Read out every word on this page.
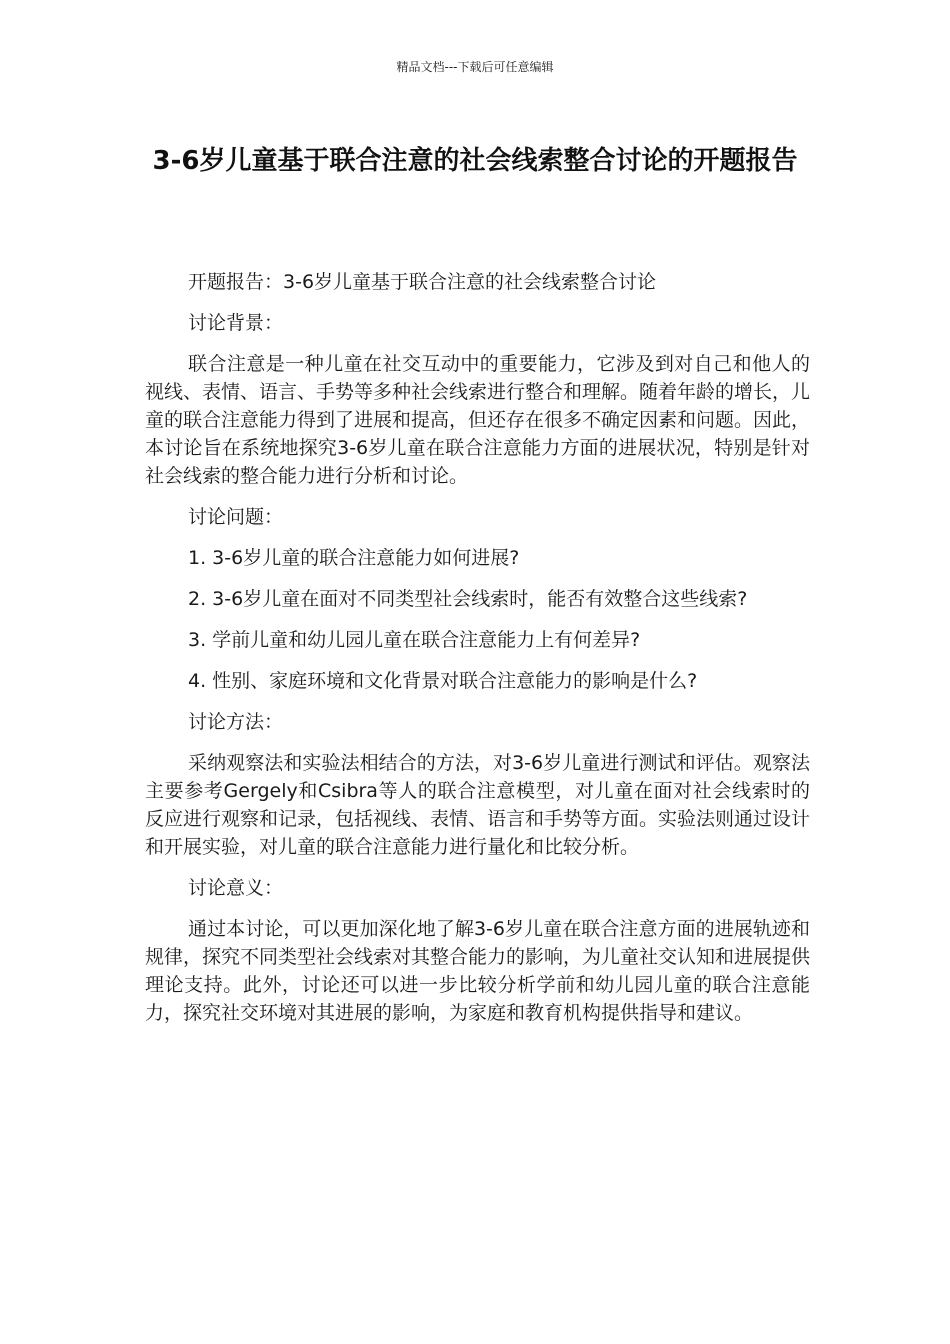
精品文档---下载后可任意编辑
3-6岁儿童基于联合注意的社会线索整合讨论的开题报告

开题报告：3-6岁儿童基于联合注意的社会线索整合讨论

讨论背景：

联合注意是一种儿童在社交互动中的重要能力，它涉及到对自己和他人的视线、表情、语言、手势等多种社会线索进行整合和理解。随着年龄的增长，儿童的联合注意能力得到了进展和提高，但还存在很多不确定因素和问题。因此，本讨论旨在系统地探究3-6岁儿童在联合注意能力方面的进展状况，特别是针对社会线索的整合能力进行分析和讨论。

讨论问题：

1. 3-6岁儿童的联合注意能力如何进展?

2. 3-6岁儿童在面对不同类型社会线索时，能否有效整合这些线索?

3. 学前儿童和幼儿园儿童在联合注意能力上有何差异?

4. 性别、家庭环境和文化背景对联合注意能力的影响是什么?

讨论方法：

采纳观察法和实验法相结合的方法，对3-6岁儿童进行测试和评估。观察法主要参考Gergely和Csibra等人的联合注意模型，对儿童在面对社会线索时的反应进行观察和记录，包括视线、表情、语言和手势等方面。实验法则通过设计和开展实验，对儿童的联合注意能力进行量化和比较分析。

讨论意义：

通过本讨论，可以更加深化地了解3-6岁儿童在联合注意方面的进展轨迹和规律，探究不同类型社会线索对其整合能力的影响，为儿童社交认知和进展提供理论支持。此外，讨论还可以进一步比较分析学前和幼儿园儿童的联合注意能力，探究社交环境对其进展的影响，为家庭和教育机构提供指导和建议。
